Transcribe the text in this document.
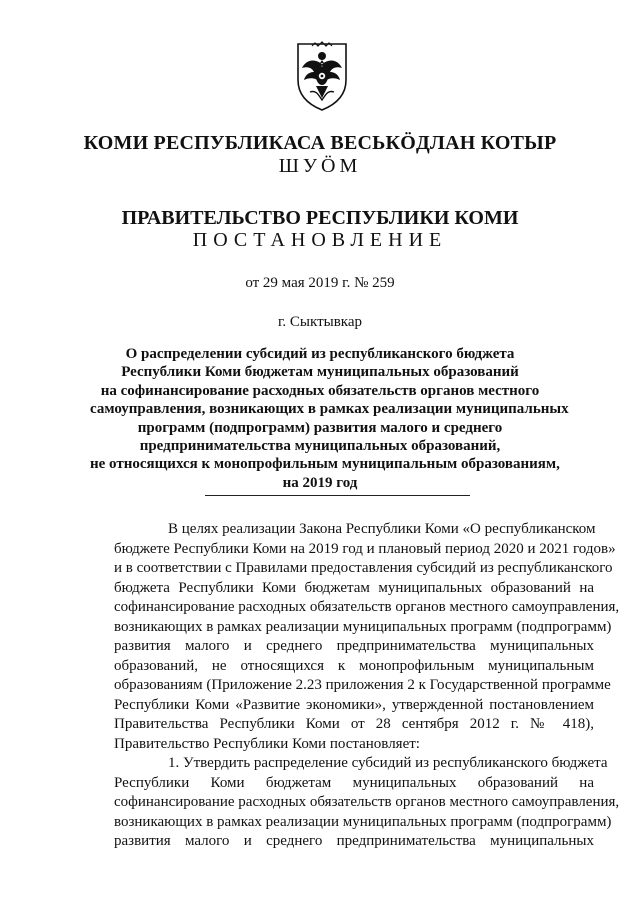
КОМИ РЕСПУБЛИКАСА ВЕСЬКÖДЛАН КОТЫР
ШУÖМ
ПРАВИТЕЛЬСТВО РЕСПУБЛИКИ КОМИ
ПОСТАНОВЛЕНИЕ
от 29 мая 2019 г. № 259
г. Сыктывкар
О распределении субсидий из республиканского бюджета
Республики Коми бюджетам муниципальных образований
на софинансирование расходных обязательств органов местного
самоуправления, возникающих в рамках реализации муниципальных
программ (подпрограмм) развития малого и среднего
предпринимательства муниципальных образований,
не относящихся к монопрофильным муниципальным образованиям,
на 2019 год
В целях реализации Закона Республики Коми «О республиканском
бюджете Республики Коми на 2019 год и плановый период 2020 и 2021 годов»
и в соответствии с Правилами предоставления субсидий из республиканского
бюджета Республики Коми бюджетам муниципальных образований на
софинансирование расходных обязательств органов местного самоуправления,
возникающих в рамках реализации муниципальных программ (подпрограмм)
развития малого и среднего предпринимательства муниципальных
образований, не относящихся к монопрофильным муниципальным
образованиям (Приложение 2.23 приложения 2 к Государственной программе
Республики Коми «Развитие экономики», утвержденной постановлением
Правительства Республики Коми от 28 сентября 2012 г. № 418),
Правительство Республики Коми постановляет:
1. Утвердить распределение субсидий из республиканского бюджета
Республики Коми бюджетам муниципальных образований на
софинансирование расходных обязательств органов местного самоуправления,
возникающих в рамках реализации муниципальных программ (подпрограмм)
развития малого и среднего предпринимательства муниципальных
